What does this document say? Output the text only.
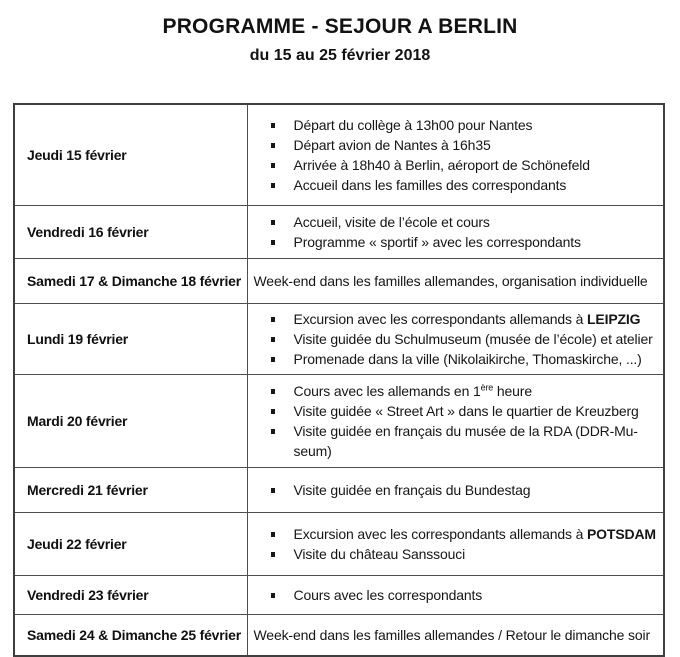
PROGRAMME - SEJOUR A BERLIN
du 15 au 25 février 2018
Jeudi 15 février	
Départ du collège à 13h00 pour Nantes
Départ avion de Nantes à 16h35
Arrivée à 18h40 à Berlin, aéroport de Schönefeld
Accueil dans les familles des correspondants

Vendredi 16 février	
Accueil, visite de l’école et cours
Programme « sportif » avec les correspondants

Samedi 17 & Dimanche 18 février	Week-end dans les familles allemandes, organisation individuelle

Lundi 19 février	
Excursion avec les correspondants allemands à LEIPZIG
Visite guidée du Schulmuseum (musée de l’école) et atelier
Promenade dans la ville (Nikolaikirche, Thomaskirche, ...)

Mardi 20 février	
Cours avec les allemands en 1ère heure
Visite guidée « Street Art » dans le quartier de Kreuzberg
Visite guidée en français du musée de la RDA (DDR-Mu-
seum)

Mercredi 21 février	Visite guidée en français du Bundestag

Jeudi 22 février	
Excursion avec les correspondants allemands à POTSDAM
Visite du château Sanssouci

Vendredi 23 février	Cours avec les correspondants

Samedi 24 & Dimanche 25 février	Week-end dans les familles allemandes / Retour le dimanche soir
